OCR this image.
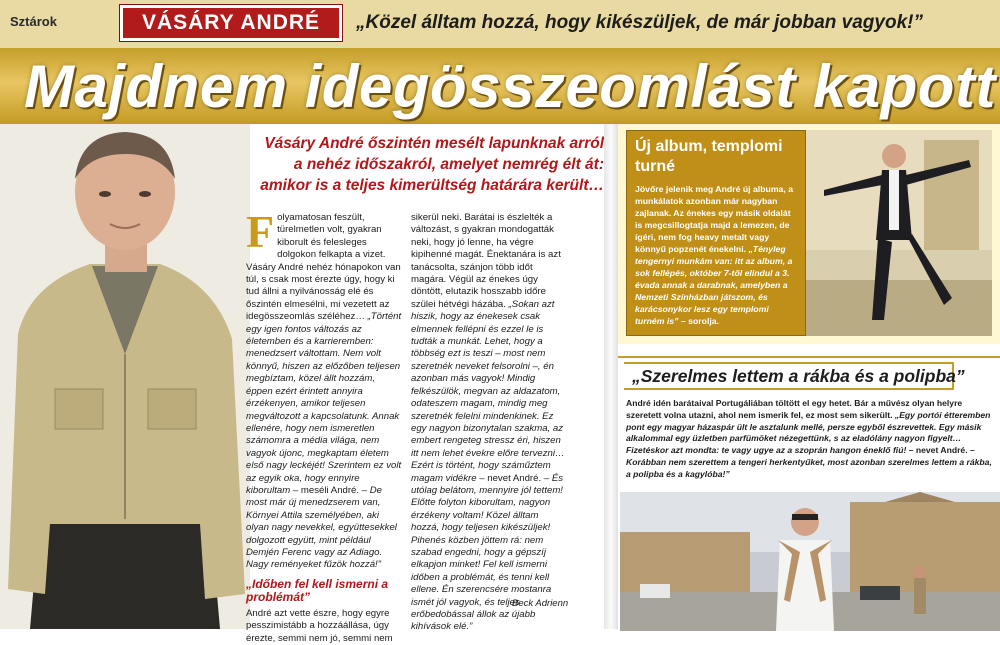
Sztárok	VÁSÁRY ANDRÉ „Közel álltam hozzá, hogy kikészüljek, de már jobban vagyok!”
Majdnem idegösszeomlást kapott
Vásáry André őszintén mesélt lapunknak arról a nehéz időszakról, amelyet nemrég élt át: amikor is a teljes kimerültség határára került…

Folyamatosan feszült, türelmetlen volt, gyakran kiborult és felesleges dolgokon felkapta a vizet. Vásáry André nehéz hónapokon van túl, s csak most érezte úgy, hogy ki tud állni a nyilvánosság elé és őszintén elmesélni, mi vezetett az idegösszeomlás széléhez… „Történt egy igen fontos változás az életemben és a karrieremben: menedzsert váltottam. Nem volt könnyű, hiszen az előzőben teljesen megbíztam, közel állt hozzám, éppen ezért érintett annyira érzékenyen, amikor teljesen megváltozott a kapcsolatunk. Annak ellenére, hogy nem ismeretlen számomra a média világa, nem vagyok újonc, megkaptam életem első nagy leckéjét! Szerintem ez volt az egyik oka, hogy ennyire kiborultam – meséli André. – De most már új menedzserem van, Környei Attila személyében, aki olyan nagy nevekkel, együttesekkel dolgozott együtt, mint például Demjén Ferenc vagy az Adiago. Nagy reményeket fűzök hozzá!”

„Időben fel kell ismerni a problémát”

André azt vette észre, hogy egyre pesszimistább a hozzáállása, úgy érezte, semmi nem jó, semmi nem

sikerül neki. Barátai is észlelték a változást, s gyakran mondogatták neki, hogy jó lenne, ha végre kipihenné magát. Énektanára is azt tanácsolta, szánjon több időt magára. Végül az énekes úgy döntött, elutazik hosszabb időre szülei hétvégi házába. „Sokan azt hiszik, hogy az énekesek csak elmennek fellépni és ezzel le is tudták a munkát. Lehet, hogy a többség ezt is teszi – most nem szeretnék neveket felsorolni –, én azonban más vagyok! Mindig felkészülök, megvan az aldazatom, odateszem magam, mindig meg szeretnék felelni mindenkinek. Ez egy nagyon bizonytalan szakma, az embert rengeteg stressz éri, hiszen itt nem lehet évekre előre tervezni… Ezért is történt, hogy száműztem magam vidékre – nevet André. – És utólag belátom, mennyire jól tettem! Előtte folyton kiborultam, nagyon érzékeny voltam! Közel álltam hozzá, hogy teljesen kikészüljek! Pihenés közben jöttem rá: nem szabad engedni, hogy a gépszíj elkapjon minket! Fel kell ismerni időben a problémát, és tenni kell ellene. Én szerencsére mostanra ismét jól vagyok, és teljes erőbedobással állok az újabb kihívások elé.”

Beck Adrienn
Új album, templomi turné
Jövőre jelenik meg André új albuma, a munkálatok azonban már nagyban zajlanak. Az énekes egy másik oldalát is megcsillogtatja majd a lemezen, de ígéri, nem fog heavy metalt vagy könnyű popzenét énekelni. „Tényleg tengernyi munkám van: itt az album, a sok fellépés, október 7-től elindul a 3. évada annak a darabnak, amelyben a Nemzeti Színházban játszom, és karácsonykor lesz egy templomi turném is” – sorolja.
„Szerelmes lettem a rákba és a polipba”
André idén barátaival Portugáliában töltött el egy hetet. Bár a művész olyan helyre szeretett volna utazni, ahol nem ismerik fel, ez most sem sikerült. „Egy portói étteremben pont egy magyar házaspár ült le asztalunk mellé, persze egyből észrevettek. Egy másik alkalommal egy üzletben parfümöket nézegettünk, s az eladólány nagyon figyelt… Fizetéskor azt mondta: te vagy ugye az a szoprán hangon éneklő fiú! – nevet André. – Korábban nem szerettem a tengeri herkentyűket, most azonban szerelmes lettem a rákba, a polipba és a kagylóba!”
